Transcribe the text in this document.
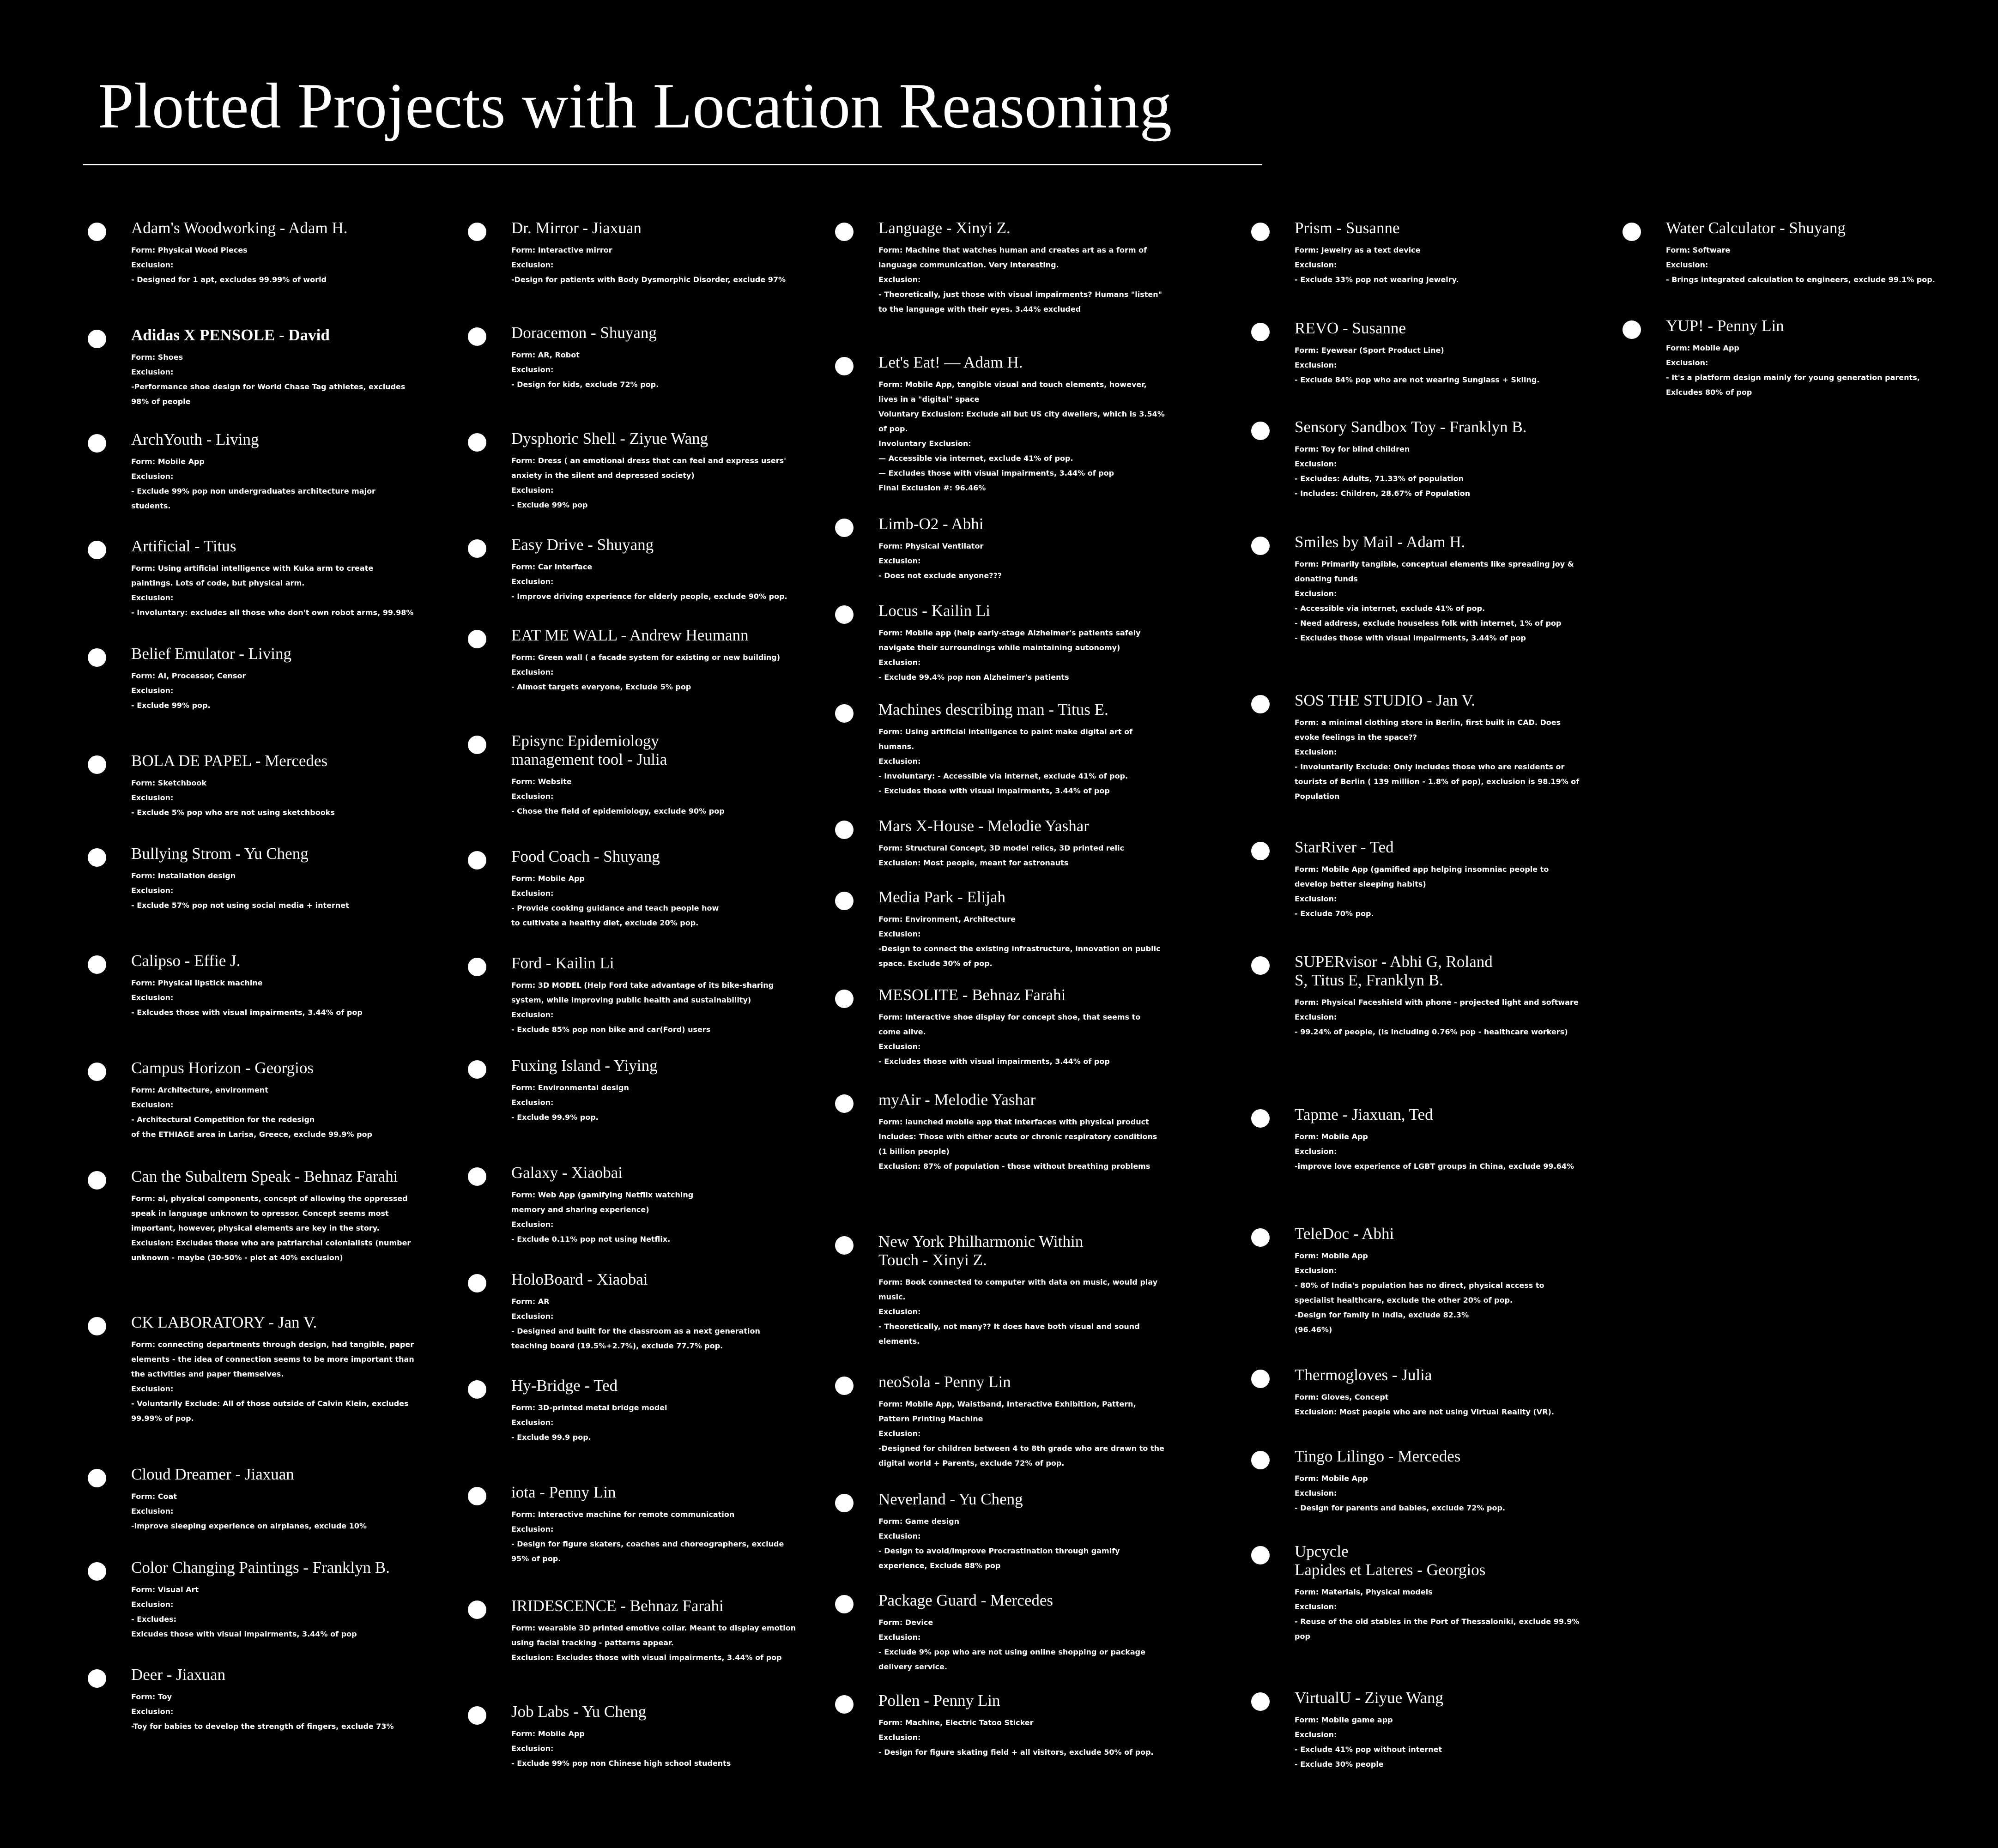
Plotted Projects with Location Reasoning
Adam's Woodworking - Adam H.
Form: Physical Wood Pieces
Exclusion:
- Designed for 1 apt, excludes 99.99% of world
Adidas X PENSOLE - David
Form: Shoes
Exclusion:
-Performance shoe design for World Chase Tag athletes, excludes 98% of people
ArchYouth - Living
Form: Mobile App
Exclusion:
- Exclude 99% pop non undergraduates architecture major students.
Artificial - Titus
Form: Using artificial intelligence with Kuka arm to create paintings. Lots of code, but physical arm.
Exclusion:
- Involuntary: excludes all those who don't own robot arms, 99.98%
Belief Emulator - Living
Form: AI, Processor, Censor
Exclusion:
- Exclude 99% pop.
BOLA DE PAPEL - Mercedes
Form: Sketchbook
Exclusion:
- Exclude 5% pop who are not using sketchbooks
Bullying Strom - Yu Cheng
Form: Installation design
Exclusion:
- Exclude 57% pop not using social media + internet
Calipso - Effie J.
Form: Physical lipstick machine
Exclusion:
- Exlcudes those with visual impairments, 3.44% of pop
Campus Horizon - Georgios
Form: Architecture, environment
Exclusion:
- Architectural Competition for the redesign
of the ETHIAGE area in Larisa, Greece, exclude 99.9% pop
Can the Subaltern Speak - Behnaz Farahi
Form: ai, physical components, concept of allowing the oppressed speak in language unknown to opressor. Concept seems most important, however, physical elements are key in the story.
Exclusion: Excludes those who are patriarchal colonialists (number unknown - maybe (30-50% - plot at 40% exclusion)
CK LABORATORY - Jan V.
Form: connecting departments through design, had tangible, paper elements - the idea of connection seems to be more important than the activities and paper themselves.
Exclusion:
- Voluntarily Exclude: All of those outside of Calvin Klein, excludes 99.99% of pop.
Cloud Dreamer - Jiaxuan
Form: Coat
Exclusion:
-improve sleeping experience on airplanes, exclude 10%
Color Changing Paintings - Franklyn B.
Form: Visual Art
Exclusion:
- Excludes:
Exlcudes those with visual impairments, 3.44% of pop
Deer - Jiaxuan
Form: Toy
Exclusion:
-Toy for babies to develop the strength of fingers, exclude 73%
Dr. Mirror - Jiaxuan
Form: Interactive mirror
Exclusion:
-Design for patients with Body Dysmorphic Disorder, exclude 97%
Doracemon - Shuyang
Form: AR, Robot
Exclusion:
- Design for kids, exclude 72% pop.
Dysphoric Shell - Ziyue Wang
Form: Dress ( an emotional dress that can feel and express users' anxiety in the silent and depressed society)
Exclusion:
- Exclude 99% pop
Easy Drive - Shuyang
Form: Car interface
Exclusion:
- Improve driving experience for elderly people, exclude 90% pop.
EAT ME WALL - Andrew Heumann
Form: Green wall ( a facade system for existing or new building)
Exclusion:
- Almost targets everyone, Exclude 5% pop
Episync Epidemiology
management tool - Julia
Form: Website
Exclusion:
- Chose the field of epidemiology, exclude 90% pop
Food Coach - Shuyang
Form: Mobile App
Exclusion:
- Provide cooking guidance and teach people how
to cultivate a healthy diet, exclude 20% pop.
Ford - Kailin Li
Form: 3D MODEL (Help Ford take advantage of its bike-sharing system, while improving public health and sustainability)
Exclusion:
- Exclude 85% pop non bike and car(Ford) users
Fuxing Island - Yiying
Form: Environmental design
Exclusion:
- Exclude 99.9% pop.
Galaxy - Xiaobai
Form: Web App (gamifying Netflix watching
memory and sharing experience)
Exclusion:
- Exclude 0.11% pop not using Netflix.
HoloBoard - Xiaobai
Form: AR
Exclusion:
- Designed and built for the classroom as a next generation teaching board (19.5%+2.7%), exclude 77.7% pop.
Hy-Bridge - Ted
Form: 3D-printed metal bridge model
Exclusion:
- Exclude 99.9 pop.
iota - Penny Lin
Form: Interactive machine for remote communication
Exclusion:
- Design for figure skaters, coaches and choreographers, exclude 95% of pop.
IRIDESCENCE - Behnaz Farahi
Form: wearable 3D printed emotive collar. Meant to display emotion using facial tracking - patterns appear.
Exclusion: Excludes those with visual impairments, 3.44% of pop
Job Labs - Yu Cheng
Form: Mobile App
Exclusion:
- Exclude 99% pop non Chinese high school students
Language - Xinyi Z.
Form: Machine that watches human and creates art as a form of language communication. Very interesting.
Exclusion:
- Theoretically, just those with visual impairments? Humans "listen" to the language with their eyes. 3.44% excluded
Let's Eat! — Adam H.
Form: Mobile App, tangible visual and touch elements, however, lives in a "digital" space
Voluntary Exclusion: Exclude all but US city dwellers, which is 3.54% of pop.
Involuntary Exclusion:
— Accessible via internet, exclude 41% of pop.
— Excludes those with visual impairments, 3.44% of pop
Final Exclusion #: 96.46%
Limb-O2 - Abhi
Form: Physical Ventilator
Exclusion:
- Does not exclude anyone???
Locus - Kailin Li
Form: Mobile app (help early-stage Alzheimer's patients safely navigate their surroundings while maintaining autonomy)
Exclusion:
- Exclude 99.4% pop non Alzheimer's patients
Machines describing man - Titus E.
Form: Using artificial intelligence to paint make digital art of humans.
Exclusion:
- Involuntary: - Accessible via internet, exclude 41% of pop.
- Excludes those with visual impairments, 3.44% of pop
Mars X-House - Melodie Yashar
Form: Structural Concept, 3D model relics, 3D printed relic
Exclusion: Most people, meant for astronauts
Media Park - Elijah
Form: Environment, Architecture
Exclusion:
-Design to connect the existing infrastructure, innovation on public space. Exclude 30% of pop.
MESOLITE - Behnaz Farahi
Form: Interactive shoe display for concept shoe, that seems to come alive.
Exclusion:
- Excludes those with visual impairments, 3.44% of pop
myAir - Melodie Yashar
Form: launched mobile app that interfaces with physical product
Includes: Those with either acute or chronic respiratory conditions (1 billion people)
Exclusion: 87% of population - those without breathing problems
New York Philharmonic Within
Touch - Xinyi Z.
Form: Book connected to computer with data on music, would play music.
Exclusion:
- Theoretically, not many?? It does have both visual and sound elements.
neoSola - Penny Lin
Form: Mobile App, Waistband, Interactive Exhibition, Pattern, Pattern Printing Machine
Exclusion:
-Designed for children between 4 to 8th grade who are drawn to the digital world + Parents, exclude 72% of pop.
Neverland - Yu Cheng
Form: Game design
Exclusion:
- Design to avoid/improve Procrastination through gamify experience, Exclude 88% pop
Package Guard - Mercedes
Form: Device
Exclusion:
- Exclude 9% pop who are not using online shopping or package delivery service.
Pollen - Penny Lin
Form: Machine, Electric Tatoo Sticker
Exclusion:
- Design for figure skating field + all visitors, exclude 50% of pop.
Prism - Susanne
Form: Jewelry as a text device
Exclusion:
- Exclude 33% pop not wearing Jewelry.
REVO - Susanne
Form: Eyewear (Sport Product Line)
Exclusion:
- Exclude 84% pop who are not wearing Sunglass + Skiing.
Sensory Sandbox Toy - Franklyn B.
Form: Toy for blind children
Exclusion:
- Excludes: Adults, 71.33% of population
- Includes: Children, 28.67% of Population
Smiles by Mail - Adam H.
Form: Primarily tangible, conceptual elements like spreading joy & donating funds
Exclusion:
- Accessible via internet, exclude 41% of pop.
- Need address, exclude houseless folk with internet, 1% of pop
- Excludes those with visual impairments, 3.44% of pop
SOS THE STUDIO - Jan V.
Form: a minimal clothing store in Berlin, first built in CAD. Does evoke feelings in the space??
Exclusion:
- Involuntarily Exclude: Only includes those who are residents or tourists of Berlin ( 139 million - 1.8% of pop), exclusion is 98.19% of Population
StarRiver - Ted
Form: Mobile App (gamified app helping insomniac people to develop better sleeping habits)
Exclusion:
- Exclude 70% pop.
SUPERvisor - Abhi G, Roland
S, Titus E, Franklyn B.
Form: Physical Faceshield with phone - projected light and software
Exclusion:
- 99.24% of people, (is including 0.76% pop - healthcare workers)
Tapme - Jiaxuan, Ted
Form: Mobile App
Exclusion:
-improve love experience of LGBT groups in China, exclude 99.64%
TeleDoc - Abhi
Form: Mobile App
Exclusion:
- 80% of India's population has no direct, physical access to specialist healthcare, exclude the other 20% of pop.
-Design for family in India, exclude 82.3%
(96.46%)
Thermogloves - Julia
Form: Gloves, Concept
Exclusion: Most people who are not using Virtual Reality (VR).
Tingo Lilingo - Mercedes
Form: Mobile App
Exclusion:
- Design for parents and babies, exclude 72% pop.
Upcycle
Lapides et Lateres - Georgios
Form: Materials, Physical models
Exclusion:
- Reuse of the old stables in the Port of Thessaloniki, exclude 99.9% pop
VirtualU - Ziyue Wang
Form: Mobile game app
Exclusion:
- Exclude 41% pop without internet
- Exclude 30% people
Water Calculator - Shuyang
Form: Software
Exclusion:
- Brings integrated calculation to engineers, exclude 99.1% pop.
YUP! - Penny Lin
Form: Mobile App
Exclusion:
- It's a platform design mainly for young generation parents, Exlcudes 80% of pop
